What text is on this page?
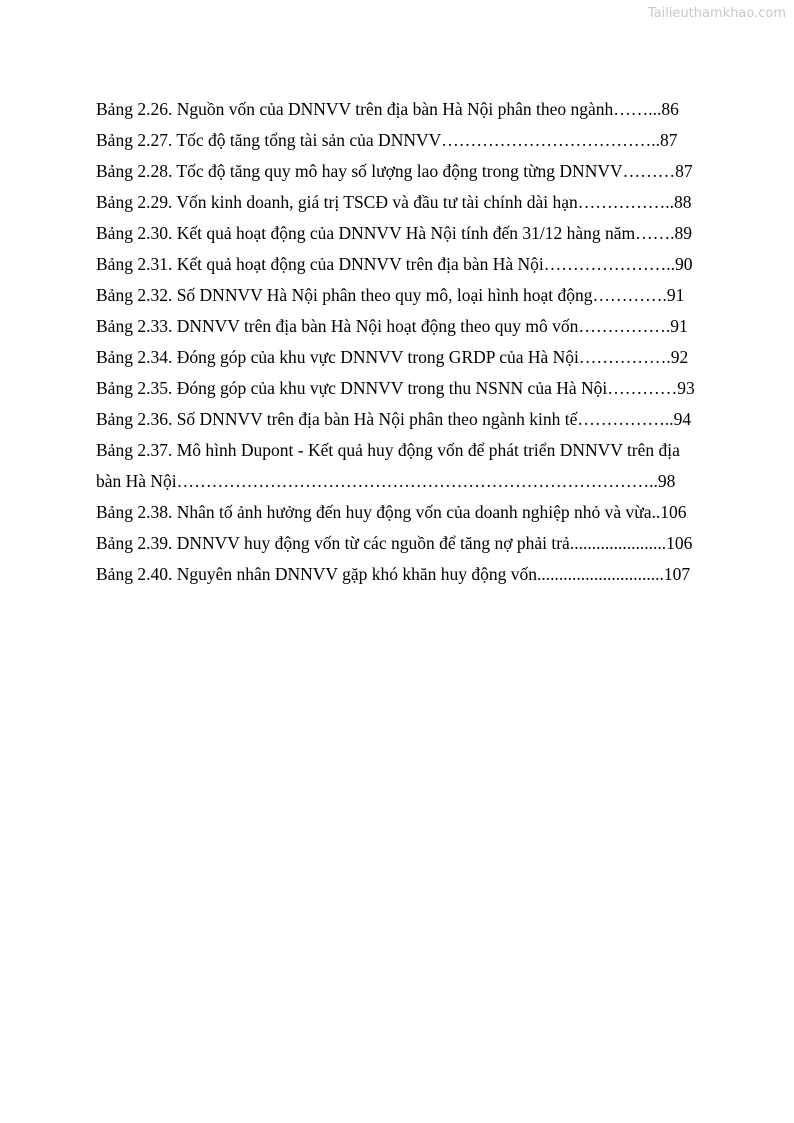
Tailieuthamkhao.com
Bảng 2.26. Nguồn vốn của DNNVV trên địa bàn Hà Nội phân theo ngành……...86
Bảng 2.27. Tốc độ tăng tổng tài sản của DNNVV………………………………..87
Bảng 2.28. Tốc độ tăng quy mô hay số lượng lao động trong từng DNNVV………87
Bảng 2.29. Vốn kinh doanh, giá trị TSCĐ và đầu tư tài chính dài hạn……………..88
Bảng 2.30. Kết quả hoạt động của DNNVV Hà Nội tính đến 31/12 hàng năm…….89
Bảng 2.31. Kết quả hoạt động của DNNVV trên địa bàn Hà Nội…………………..90
Bảng 2.32. Số DNNVV Hà Nội phân theo quy mô, loại hình hoạt động………….91
Bảng 2.33. DNNVV trên địa bàn Hà Nội hoạt động theo quy mô vốn…………….91
Bảng 2.34. Đóng góp của khu vực DNNVV trong GRDP của Hà Nội…………….92
Bảng 2.35. Đóng góp của khu vực DNNVV trong thu NSNN của Hà Nội…………93
Bảng 2.36. Số DNNVV trên địa bàn Hà Nội phân theo ngành kinh tế……………..94
Bảng 2.37. Mô hình Dupont - Kết quả huy động vốn để phát triển DNNVV trên địa
bàn Hà Nội………………………………………………………………………..98
Bảng 2.38. Nhân tố ảnh hưởng đến huy động vốn của doanh nghiệp nhỏ và vừa..106
Bảng 2.39. DNNVV huy động vốn từ các nguồn để tăng nợ phải trả......................106
Bảng 2.40. Nguyên nhân DNNVV gặp khó khăn huy động vốn.............................107
